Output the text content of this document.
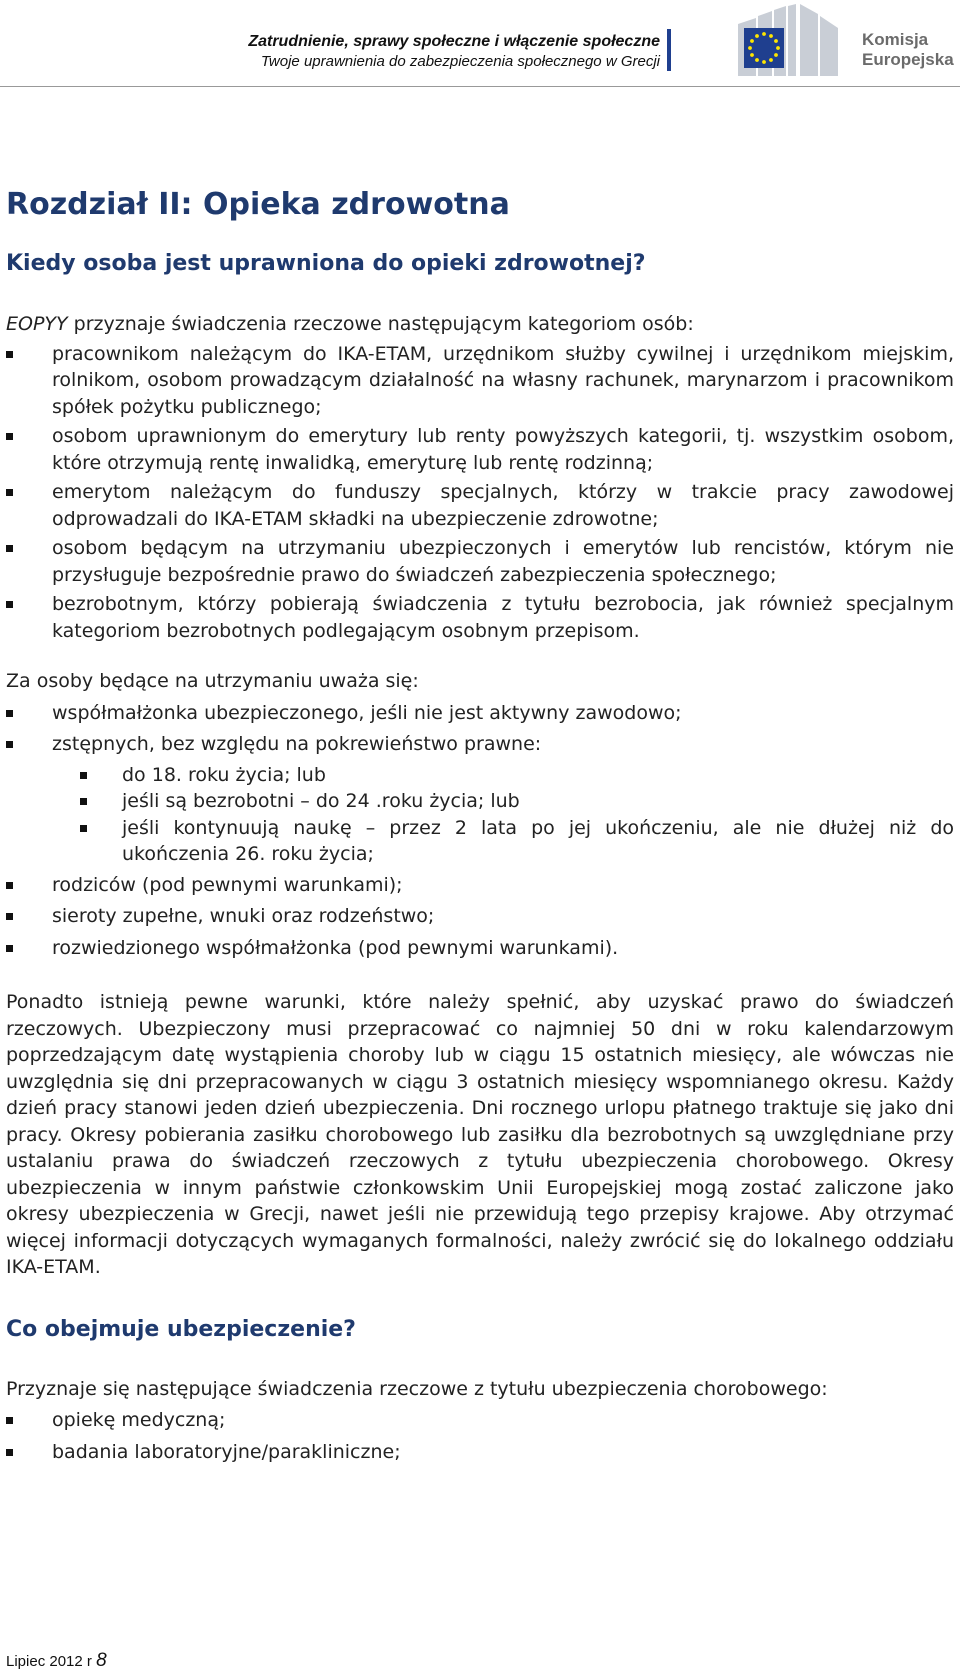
Zatrudnienie, sprawy społeczne i włączenie społeczne
Twoje uprawnienia do zabezpieczenia społecznego w Grecji
Komisja
Europejska
Rozdział II: Opieka zdrowotna
Kiedy osoba jest uprawniona do opieki zdrowotnej?

EOPYY przyznaje świadczenia rzeczowe następującym kategoriom osób:

pracownikom należącym do IKA-ETAM, urzędnikom służby cywilnej i urzędnikom miejskim, rolnikom, osobom prowadzącym działalność na własny rachunek, marynarzom i pracownikom spółek pożytku publicznego;
osobom uprawnionym do emerytury lub renty powyższych kategorii, tj. wszystkim osobom, które otrzymują rentę inwalidką, emeryturę lub rentę rodzinną;
emerytom należącym do funduszy specjalnych, którzy w trakcie pracy zawodowej odprowadzali do IKA-ETAM składki na ubezpieczenie zdrowotne;
osobom będącym na utrzymaniu ubezpieczonych i emerytów lub rencistów, którym nie przysługuje bezpośrednie prawo do świadczeń zabezpieczenia społecznego;
bezrobotnym, którzy pobierają świadczenia z tytułu bezrobocia, jak również specjalnym kategoriom bezrobotnych podlegającym osobnym przepisom.

Za osoby będące na utrzymaniu uważa się:

współmałżonka ubezpieczonego, jeśli nie jest aktywny zawodowo;
zstępnych, bez względu na pokrewieństwo prawne:
do 18. roku życia; lub
jeśli są bezrobotni – do 24 .roku życia; lub
jeśli kontynuują naukę – przez 2 lata po jej ukończeniu, ale nie dłużej niż do ukończenia 26. roku życia;
rodziców (pod pewnymi warunkami);
sieroty zupełne, wnuki oraz rodzeństwo;
rozwiedzionego współmałżonka (pod pewnymi warunkami).

Ponadto istnieją pewne warunki, które należy spełnić, aby uzyskać prawo do świadczeń rzeczowych. Ubezpieczony musi przepracować co najmniej 50 dni w roku kalendarzowym poprzedzającym datę wystąpienia choroby lub w ciągu 15 ostatnich miesięcy, ale wówczas nie uwzględnia się dni przepracowanych w ciągu 3 ostatnich miesięcy wspomnianego okresu. Każdy dzień pracy stanowi jeden dzień ubezpieczenia. Dni rocznego urlopu płatnego traktuje się jako dni pracy. Okresy pobierania zasiłku chorobowego lub zasiłku dla bezrobotnych są uwzględniane przy ustalaniu prawa do świadczeń rzeczowych z tytułu ubezpieczenia chorobowego. Okresy ubezpieczenia w innym państwie członkowskim Unii Europejskiej mogą zostać zaliczone jako okresy ubezpieczenia w Grecji, nawet jeśli nie przewidują tego przepisy krajowe. Aby otrzymać więcej informacji dotyczących wymaganych formalności, należy zwrócić się do lokalnego oddziału IKA-ETAM.

Co obejmuje ubezpieczenie?

Przyznaje się następujące świadczenia rzeczowe z tytułu ubezpieczenia chorobowego:

opiekę medyczną;
badania laboratoryjne/parakliniczne;
Lipiec 2012 r 8
